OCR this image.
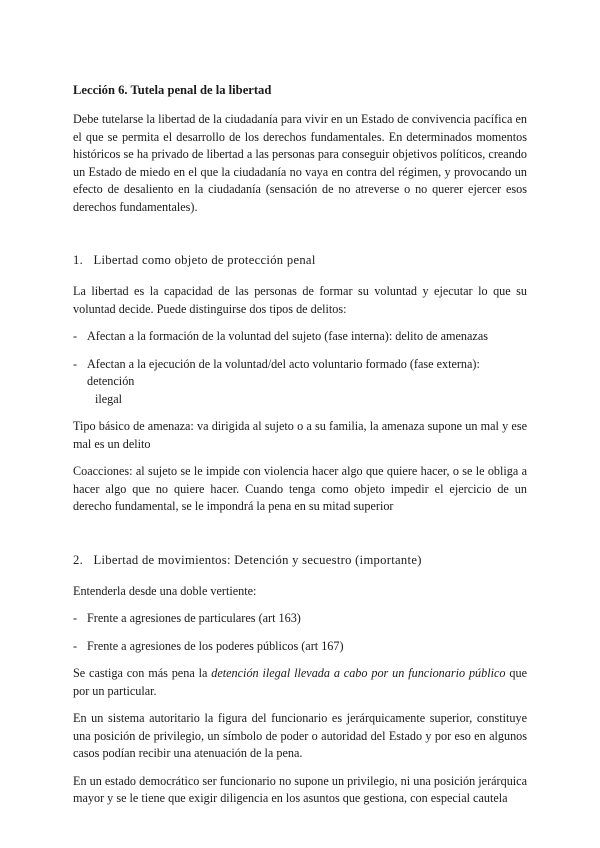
Lección 6. Tutela penal de la libertad

Debe tutelarse la libertad de la ciudadanía para vivir en un Estado de convivencia pacífica en el que se permita el desarrollo de los derechos fundamentales. En determinados momentos históricos se ha privado de libertad a las personas para conseguir objetivos políticos, creando un Estado de miedo en el que la ciudadanía no vaya en contra del régimen, y provocando un efecto de desaliento en la ciudadanía (sensación de no atreverse o no querer ejercer esos derechos fundamentales).

1. Libertad como objeto de protección penal

La libertad es la capacidad de las personas de formar su voluntad y ejecutar lo que su voluntad decide. Puede distinguirse dos tipos de delitos:

- Afectan a la formación de la voluntad del sujeto (fase interna): delito de amenazas
- Afectan a la ejecución de la voluntad/del acto voluntario formado (fase externa): detención
ilegal

Tipo básico de amenaza: va dirigida al sujeto o a su familia, la amenaza supone un mal y ese mal es un delito

Coacciones: al sujeto se le impide con violencia hacer algo que quiere hacer, o se le obliga a hacer algo que no quiere hacer. Cuando tenga como objeto impedir el ejercicio de un derecho fundamental, se le impondrá la pena en su mitad superior

2. Libertad de movimientos: Detención y secuestro (importante)

Entenderla desde una doble vertiente:

- Frente a agresiones de particulares (art 163)
- Frente a agresiones de los poderes públicos (art 167)

Se castiga con más pena la detención ilegal llevada a cabo por un funcionario público que por un particular.

En un sistema autoritario la figura del funcionario es jerárquicamente superior, constituye una posición de privilegio, un símbolo de poder o autoridad del Estado y por eso en algunos casos podían recibir una atenuación de la pena.

En un estado democrático ser funcionario no supone un privilegio, ni una posición jerárquica mayor y se le tiene que exigir diligencia en los asuntos que gestiona, con especial cautela
